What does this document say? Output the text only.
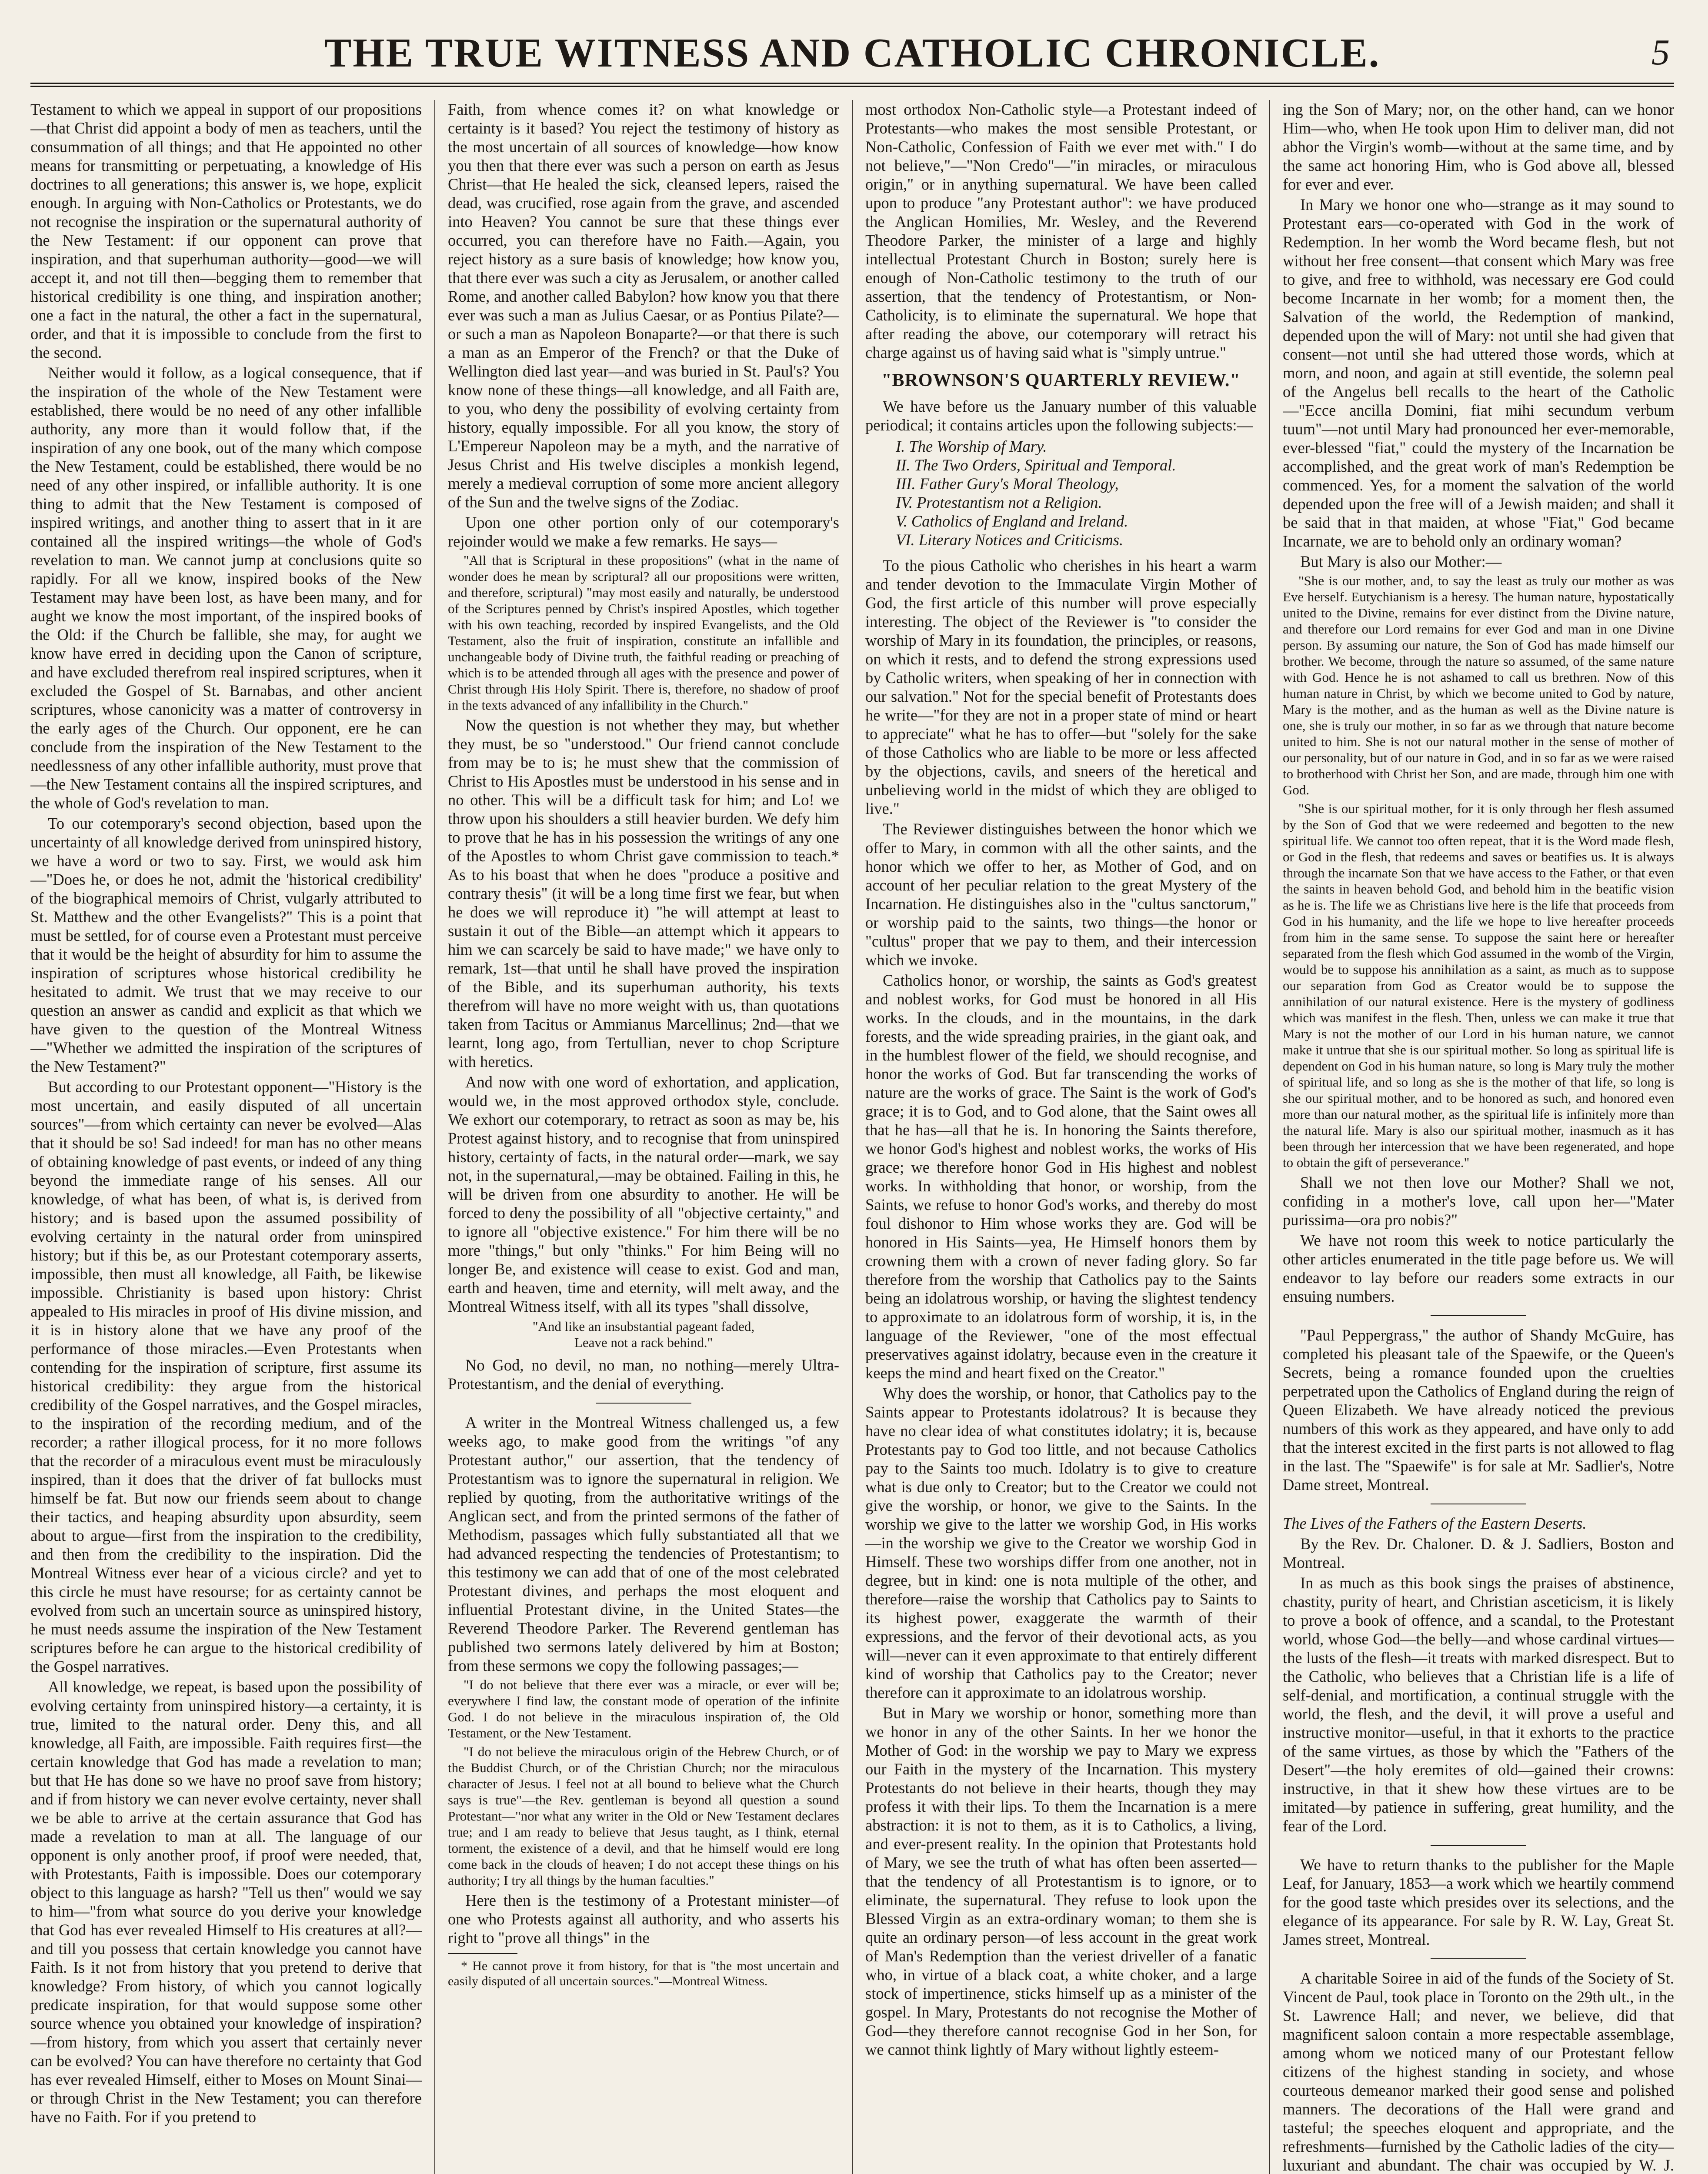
THE TRUE WITNESS AND CATHOLIC CHRONICLE.	5

Testament to which we appeal in support of our propositions—that Christ did appoint a body of men as teachers, until the consummation of all things; and that He appointed no other means for transmitting or perpetuating, a knowledge of His doctrines to all generations; this answer is, we hope, explicit enough. In arguing with Non-Catholics or Protestants, we do not recognise the inspiration or the supernatural authority of the New Testament: if our opponent can prove that inspiration, and that superhuman authority—good—we will accept it, and not till then—begging them to remember that historical credibility is one thing, and inspiration another; one a fact in the natural, the other a fact in the supernatural, order, and that it is impossible to conclude from the first to the second.

Neither would it follow, as a logical consequence, that if the inspiration of the whole of the New Testament were established, there would be no need of any other infallible authority, any more than it would follow that, if the inspiration of any one book, out of the many which compose the New Testament, could be established, there would be no need of any other inspired, or infallible authority. It is one thing to admit that the New Testament is composed of inspired writings, and another thing to assert that in it are contained all the inspired writings—the whole of God's revelation to man. We cannot jump at conclusions quite so rapidly. For all we know, inspired books of the New Testament may have been lost, as have been many, and for aught we know the most important, of the inspired books of the Old: if the Church be fallible, she may, for aught we know have erred in deciding upon the Canon of scripture, and have excluded therefrom real inspired scriptures, when it excluded the Gospel of St. Barnabas, and other ancient scriptures, whose canonicity was a matter of controversy in the early ages of the Church. Our opponent, ere he can conclude from the inspiration of the New Testament to the needlessness of any other infallible authority, must prove that—the New Testament contains all the inspired scriptures, and the whole of God's revelation to man.

To our cotemporary's second objection, based upon the uncertainty of all knowledge derived from uninspired history, we have a word or two to say. First, we would ask him—"Does he, or does he not, admit the 'historical credibility' of the biographical memoirs of Christ, vulgarly attributed to St. Matthew and the other Evangelists?" This is a point that must be settled, for of course even a Protestant must perceive that it would be the height of absurdity for him to assume the inspiration of scriptures whose historical credibility he hesitated to admit. We trust that we may receive to our question an answer as candid and explicit as that which we have given to the question of the Montreal Witness—"Whether we admitted the inspiration of the scriptures of the New Testament?"

But according to our Protestant opponent—"History is the most uncertain, and easily disputed of all uncertain sources"—from which certainty can never be evolved—Alas that it should be so! Sad indeed! for man has no other means of obtaining knowledge of past events, or indeed of any thing beyond the immediate range of his senses. All our knowledge, of what has been, of what is, is derived from history; and is based upon the assumed possibility of evolving certainty in the natural order from uninspired history; but if this be, as our Protestant cotemporary asserts, impossible, then must all knowledge, all Faith, be likewise impossible. Christianity is based upon history: Christ appealed to His miracles in proof of His divine mission, and it is in history alone that we have any proof of the performance of those miracles.—Even Protestants when contending for the inspiration of scripture, first assume its historical credibility: they argue from the historical credibility of the Gospel narratives, and the Gospel miracles, to the inspiration of the recording medium, and of the recorder; a rather illogical process, for it no more follows that the recorder of a miraculous event must be miraculously inspired, than it does that the driver of fat bullocks must himself be fat. But now our friends seem about to change their tactics, and heaping absurdity upon absurdity, seem about to argue—first from the inspiration to the credibility, and then from the credibility to the inspiration. Did the Montreal Witness ever hear of a vicious circle? and yet to this circle he must have resourse; for as certainty cannot be evolved from such an uncertain source as uninspired history, he must needs assume the inspiration of the New Testament scriptures before he can argue to the historical credibility of the Gospel narratives.

All knowledge, we repeat, is based upon the possibility of evolving certainty from uninspired history—a certainty, it is true, limited to the natural order. Deny this, and all knowledge, all Faith, are impossible. Faith requires first—the certain knowledge that God has made a revelation to man; but that He has done so we have no proof save from history; and if from history we can never evolve certainty, never shall we be able to arrive at the certain assurance that God has made a revelation to man at all. The language of our opponent is only another proof, if proof were needed, that, with Protestants, Faith is impossible. Does our cotemporary object to this language as harsh? "Tell us then" would we say to him—"from what source do you derive your knowledge that God has ever revealed Himself to His creatures at all?—and till you possess that certain knowledge you cannot have Faith. Is it not from history that you pretend to derive that knowledge? From history, of which you cannot logically predicate inspiration, for that would suppose some other source whence you obtained your knowledge of inspiration?—from history, from which you assert that certainly never can be evolved? You can have therefore no certainty that God has ever revealed Himself, either to Moses on Mount Sinai—or through Christ in the New Testament; you can therefore have no Faith. For if you pretend to

Faith, from whence comes it? on what knowledge or certainty is it based? You reject the testimony of history as the most uncertain of all sources of knowledge—how know you then that there ever was such a person on earth as Jesus Christ—that He healed the sick, cleansed lepers, raised the dead, was crucified, rose again from the grave, and ascended into Heaven? You cannot be sure that these things ever occurred, you can therefore have no Faith.—Again, you reject history as a sure basis of knowledge; how know you, that there ever was such a city as Jerusalem, or another called Rome, and another called Babylon? how know you that there ever was such a man as Julius Caesar, or as Pontius Pilate?—or such a man as Napoleon Bonaparte?—or that there is such a man as an Emperor of the French? or that the Duke of Wellington died last year—and was buried in St. Paul's? You know none of these things—all knowledge, and all Faith are, to you, who deny the possibility of evolving certainty from history, equally impossible. For all you know, the story of L'Empereur Napoleon may be a myth, and the narrative of Jesus Christ and His twelve disciples a monkish legend, merely a medieval corruption of some more ancient allegory of the Sun and the twelve signs of the Zodiac.

Upon one other portion only of our cotemporary's rejoinder would we make a few remarks. He says—

"All that is Scriptural in these propositions" (what in the name of wonder does he mean by scriptural? all our propositions were written, and therefore, scriptural) "may most easily and naturally, be understood of the Scriptures penned by Christ's inspired Apostles, which together with his own teaching, recorded by inspired Evangelists, and the Old Testament, also the fruit of inspiration, constitute an infallible and unchangeable body of Divine truth, the faithful reading or preaching of which is to be attended through all ages with the presence and power of Christ through His Holy Spirit. There is, therefore, no shadow of proof in the texts advanced of any infallibility in the Church."

Now the question is not whether they may, but whether they must, be so "understood." Our friend cannot conclude from may be to is; he must shew that the commission of Christ to His Apostles must be understood in his sense and in no other. This will be a difficult task for him; and Lo! we throw upon his shoulders a still heavier burden. We defy him to prove that he has in his possession the writings of any one of the Apostles to whom Christ gave commission to teach.* As to his boast that when he does "produce a positive and contrary thesis" (it will be a long time first we fear, but when he does we will reproduce it) "he will attempt at least to sustain it out of the Bible—an attempt which it appears to him we can scarcely be said to have made;" we have only to remark, 1st—that until he shall have proved the inspiration of the Bible, and its superhuman authority, his texts therefrom will have no more weight with us, than quotations taken from Tacitus or Ammianus Marcellinus; 2nd—that we learnt, long ago, from Tertullian, never to chop Scripture with heretics.

And now with one word of exhortation, and application, would we, in the most approved orthodox style, conclude. We exhort our cotemporary, to retract as soon as may be, his Protest against history, and to recognise that from uninspired history, certainty of facts, in the natural order—mark, we say not, in the supernatural,—may be obtained. Failing in this, he will be driven from one absurdity to another. He will be forced to deny the possibility of all "objective certainty," and to ignore all "objective existence." For him there will be no more "things," but only "thinks." For him Being will no longer Be, and existence will cease to exist. God and man, earth and heaven, time and eternity, will melt away, and the Montreal Witness itself, with all its types "shall dissolve,

"And like an insubstantial pageant faded,
Leave not a rack behind."

No God, no devil, no man, no nothing—merely Ultra-Protestantism, and the denial of everything.

A writer in the Montreal Witness challenged us, a few weeks ago, to make good from the writings "of any Protestant author," our assertion, that the tendency of Protestantism was to ignore the supernatural in religion. We replied by quoting, from the authoritative writings of the Anglican sect, and from the printed sermons of the father of Methodism, passages which fully substantiated all that we had advanced respecting the tendencies of Protestantism; to this testimony we can add that of one of the most celebrated Protestant divines, and perhaps the most eloquent and influential Protestant divine, in the United States—the Reverend Theodore Parker. The Reverend gentleman has published two sermons lately delivered by him at Boston; from these sermons we copy the following passages;—

"I do not believe that there ever was a miracle, or ever will be; everywhere I find law, the constant mode of operation of the infinite God. I do not believe in the miraculous inspiration of, the Old Testament, or the New Testament.

"I do not believe the miraculous origin of the Hebrew Church, or of the Buddist Church, or of the Christian Church; nor the miraculous character of Jesus. I feel not at all bound to believe what the Church says is true"—the Rev. gentleman is beyond all question a sound Protestant—"nor what any writer in the Old or New Testament declares true; and I am ready to believe that Jesus taught, as I think, eternal torment, the existence of a devil, and that he himself would ere long come back in the clouds of heaven; I do not accept these things on his authority; I try all things by the human faculties."

Here then is the testimony of a Protestant minister—of one who Protests against all authority, and who asserts his right to "prove all things" in the

* He cannot prove it from history, for that is "the most uncertain and easily disputed of all uncertain sources."—Montreal Witness.

most orthodox Non-Catholic style—a Protestant indeed of Protestants—who makes the most sensible Protestant, or Non-Catholic, Confession of Faith we ever met with." I do not believe,"—"Non Credo"—"in miracles, or miraculous origin," or in anything supernatural. We have been called upon to produce "any Protestant author": we have produced the Anglican Homilies, Mr. Wesley, and the Reverend Theodore Parker, the minister of a large and highly intellectual Protestant Church in Boston; surely here is enough of Non-Catholic testimony to the truth of our assertion, that the tendency of Protestantism, or Non-Catholicity, is to eliminate the supernatural. We hope that after reading the above, our cotemporary will retract his charge against us of having said what is "simply untrue."

"BROWNSON'S QUARTERLY REVIEW."

We have before us the January number of this valuable periodical; it contains articles upon the following subjects:—

I. The Worship of Mary.
II. The Two Orders, Spiritual and Temporal.
III. Father Gury's Moral Theology,
IV. Protestantism not a Religion.
V. Catholics of England and Ireland.
VI. Literary Notices and Criticisms.

To the pious Catholic who cherishes in his heart a warm and tender devotion to the Immaculate Virgin Mother of God, the first article of this number will prove especially interesting. The object of the Reviewer is "to consider the worship of Mary in its foundation, the principles, or reasons, on which it rests, and to defend the strong expressions used by Catholic writers, when speaking of her in connection with our salvation." Not for the special benefit of Protestants does he write—"for they are not in a proper state of mind or heart to appreciate" what he has to offer—but "solely for the sake of those Catholics who are liable to be more or less affected by the objections, cavils, and sneers of the heretical and unbelieving world in the midst of which they are obliged to live."

The Reviewer distinguishes between the honor which we offer to Mary, in common with all the other saints, and the honor which we offer to her, as Mother of God, and on account of her peculiar relation to the great Mystery of the Incarnation. He distinguishes also in the "cultus sanctorum," or worship paid to the saints, two things—the honor or "cultus" proper that we pay to them, and their intercession which we invoke.

Catholics honor, or worship, the saints as God's greatest and noblest works, for God must be honored in all His works. In the clouds, and in the mountains, in the dark forests, and the wide spreading prairies, in the giant oak, and in the humblest flower of the field, we should recognise, and honor the works of God. But far transcending the works of nature are the works of grace. The Saint is the work of God's grace; it is to God, and to God alone, that the Saint owes all that he has—all that he is. In honoring the Saints therefore, we honor God's highest and noblest works, the works of His grace; we therefore honor God in His highest and noblest works. In withholding that honor, or worship, from the Saints, we refuse to honor God's works, and thereby do most foul dishonor to Him whose works they are. God will be honored in His Saints—yea, He Himself honors them by crowning them with a crown of never fading glory. So far therefore from the worship that Catholics pay to the Saints being an idolatrous worship, or having the slightest tendency to approximate to an idolatrous form of worship, it is, in the language of the Reviewer, "one of the most effectual preservatives against idolatry, because even in the creature it keeps the mind and heart fixed on the Creator."

Why does the worship, or honor, that Catholics pay to the Saints appear to Protestants idolatrous? It is because they have no clear idea of what constitutes idolatry; it is, because Protestants pay to God too little, and not because Catholics pay to the Saints too much. Idolatry is to give to creature what is due only to Creator; but to the Creator we could not give the worship, or honor, we give to the Saints. In the worship we give to the latter we worship God, in His works—in the worship we give to the Creator we worship God in Himself. These two worships differ from one another, not in degree, but in kind: one is nota multiple of the other, and therefore—raise the worship that Catholics pay to Saints to its highest power, exaggerate the warmth of their expressions, and the fervor of their devotional acts, as you will—never can it even approximate to that entirely different kind of worship that Catholics pay to the Creator; never therefore can it approximate to an idolatrous worship.

But in Mary we worship or honor, something more than we honor in any of the other Saints. In her we honor the Mother of God: in the worship we pay to Mary we express our Faith in the mystery of the Incarnation. This mystery Protestants do not believe in their hearts, though they may profess it with their lips. To them the Incarnation is a mere abstraction: it is not to them, as it is to Catholics, a living, and ever-present reality. In the opinion that Protestants hold of Mary, we see the truth of what has often been asserted—that the tendency of all Protestantism is to ignore, or to eliminate, the supernatural. They refuse to look upon the Blessed Virgin as an extra-ordinary woman; to them she is quite an ordinary person—of less account in the great work of Man's Redemption than the veriest driveller of a fanatic who, in virtue of a black coat, a white choker, and a large stock of impertinence, sticks himself up as a minister of the gospel. In Mary, Protestants do not recognise the Mother of God—they therefore cannot recognise God in her Son, for we cannot think lightly of Mary without lightly esteem-

ing the Son of Mary; nor, on the other hand, can we honor Him—who, when He took upon Him to deliver man, did not abhor the Virgin's womb—without at the same time, and by the same act honoring Him, who is God above all, blessed for ever and ever.

In Mary we honor one who—strange as it may sound to Protestant ears—co-operated with God in the work of Redemption. In her womb the Word became flesh, but not without her free consent—that consent which Mary was free to give, and free to withhold, was necessary ere God could become Incarnate in her womb; for a moment then, the Salvation of the world, the Redemption of mankind, depended upon the will of Mary: not until she had given that consent—not until she had uttered those words, which at morn, and noon, and again at still eventide, the solemn peal of the Angelus bell recalls to the heart of the Catholic—"Ecce ancilla Domini, fiat mihi secundum verbum tuum"—not until Mary had pronounced her ever-memorable, ever-blessed "fiat," could the mystery of the Incarnation be accomplished, and the great work of man's Redemption be commenced. Yes, for a moment the salvation of the world depended upon the free will of a Jewish maiden; and shall it be said that in that maiden, at whose "Fiat," God became Incarnate, we are to behold only an ordinary woman?

But Mary is also our Mother:—

"She is our mother, and, to say the least as truly our mother as was Eve herself. Eutychianism is a heresy. The human nature, hypostatically united to the Divine, remains for ever distinct from the Divine nature, and therefore our Lord remains for ever God and man in one Divine person. By assuming our nature, the Son of God has made himself our brother. We become, through the nature so assumed, of the same nature with God. Hence he is not ashamed to call us brethren. Now of this human nature in Christ, by which we become united to God by nature, Mary is the mother, and as the human as well as the Divine nature is one, she is truly our mother, in so far as we through that nature become united to him. She is not our natural mother in the sense of mother of our personality, but of our nature in God, and in so far as we were raised to brotherhood with Christ her Son, and are made, through him one with God.

"She is our spiritual mother, for it is only through her flesh assumed by the Son of God that we were redeemed and begotten to the new spiritual life. We cannot too often repeat, that it is the Word made flesh, or God in the flesh, that redeems and saves or beatifies us. It is always through the incarnate Son that we have access to the Father, or that even the saints in heaven behold God, and behold him in the beatific vision as he is. The life we as Christians live here is the life that proceeds from God in his humanity, and the life we hope to live hereafter proceeds from him in the same sense. To suppose the saint here or hereafter separated from the flesh which God assumed in the womb of the Virgin, would be to suppose his annihilation as a saint, as much as to suppose our separation from God as Creator would be to suppose the annihilation of our natural existence. Here is the mystery of godliness which was manifest in the flesh. Then, unless we can make it true that Mary is not the mother of our Lord in his human nature, we cannot make it untrue that she is our spiritual mother. So long as spiritual life is dependent on God in his human nature, so long is Mary truly the mother of spiritual life, and so long as she is the mother of that life, so long is she our spiritual mother, and to be honored as such, and honored even more than our natural mother, as the spiritual life is infinitely more than the natural life. Mary is also our spiritual mother, inasmuch as it has been through her intercession that we have been regenerated, and hope to obtain the gift of perseverance."

Shall we not then love our Mother? Shall we not, confiding in a mother's love, call upon her—"Mater purissima—ora pro nobis?"

We have not room this week to notice particularly the other articles enumerated in the title page before us. We will endeavor to lay before our readers some extracts in our ensuing numbers.

"Paul Peppergrass," the author of Shandy McGuire, has completed his pleasant tale of the Spaewife, or the Queen's Secrets, being a romance founded upon the cruelties perpetrated upon the Catholics of England during the reign of Queen Elizabeth. We have already noticed the previous numbers of this work as they appeared, and have only to add that the interest excited in the first parts is not allowed to flag in the last. The "Spaewife" is for sale at Mr. Sadlier's, Notre Dame street, Montreal.

The Lives of the Fathers of the Eastern Deserts.

By the Rev. Dr. Chaloner. D. & J. Sadliers, Boston and Montreal.

In as much as this book sings the praises of abstinence, chastity, purity of heart, and Christian asceticism, it is likely to prove a book of offence, and a scandal, to the Protestant world, whose God—the belly—and whose cardinal virtues—the lusts of the flesh—it treats with marked disrespect. But to the Catholic, who believes that a Christian life is a life of self-denial, and mortification, a continual struggle with the world, the flesh, and the devil, it will prove a useful and instructive monitor—useful, in that it exhorts to the practice of the same virtues, as those by which the "Fathers of the Desert"—the holy eremites of old—gained their crowns: instructive, in that it shew how these virtues are to be imitated—by patience in suffering, great humility, and the fear of the Lord.

We have to return thanks to the publisher for the Maple Leaf, for January, 1853—a work which we heartily commend for the good taste which presides over its selections, and the elegance of its appearance. For sale by R. W. Lay, Great St. James street, Montreal.

A charitable Soiree in aid of the funds of the Society of St. Vincent de Paul, took place in Toronto on the 29th ult., in the St. Lawrence Hall; and never, we believe, did that magnificent saloon contain a more respectable assemblage, among whom we noticed many of our Protestant fellow citizens of the highest standing in society, and whose courteous demeanor marked their good sense and polished manners. The decorations of the Hall were grand and tasteful; the speeches eloquent and appropriate, and the refreshments—furnished by the Catholic ladies of the city—luxuriant and abundant. The chair was occupied by W. J.
